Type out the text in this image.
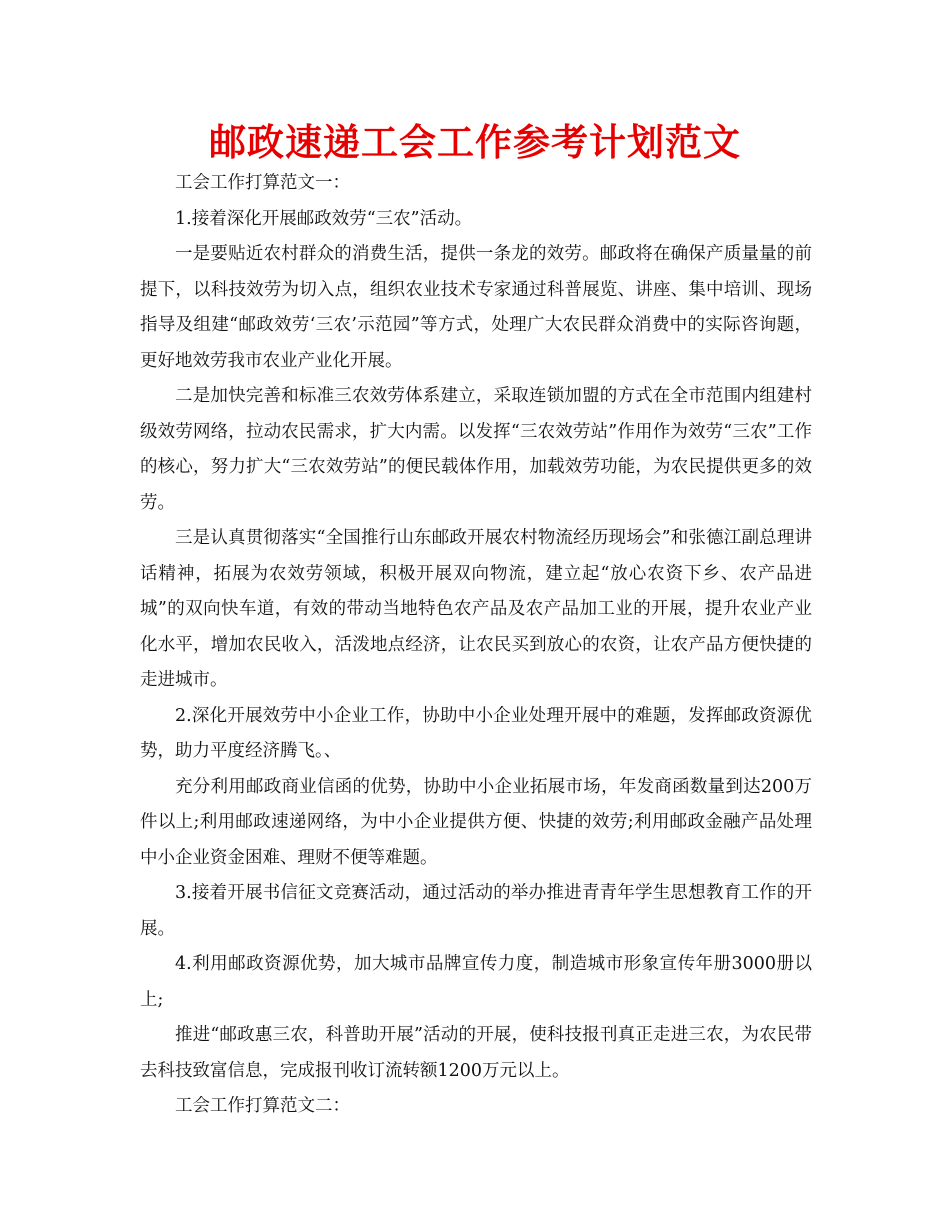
邮政速递工会工作参考计划范文

工会工作打算范文一：

1.接着深化开展邮政效劳“三农”活动。

一是要贴近农村群众的消费生活，提供一条龙的效劳。邮政将在确保产质量量的前提下，以科技效劳为切入点，组织农业技术专家通过科普展览、讲座、集中培训、现场指导及组建“邮政效劳‘三农’示范园”等方式，处理广大农民群众消费中的实际咨询题，更好地效劳我市农业产业化开展。

二是加快完善和标准三农效劳体系建立，采取连锁加盟的方式在全市范围内组建村级效劳网络，拉动农民需求，扩大内需。以发挥“三农效劳站”作用作为效劳“三农”工作的核心，努力扩大“三农效劳站”的便民载体作用，加载效劳功能，为农民提供更多的效劳。

三是认真贯彻落实“全国推行山东邮政开展农村物流经历现场会”和张德江副总理讲话精神，拓展为农效劳领域，积极开展双向物流，建立起“放心农资下乡、农产品进城”的双向快车道，有效的带动当地特色农产品及农产品加工业的开展，提升农业产业化水平，增加农民收入，活泼地点经济，让农民买到放心的农资，让农产品方便快捷的走进城市。

2.深化开展效劳中小企业工作，协助中小企业处理开展中的难题，发挥邮政资源优势，助力平度经济腾飞。、

充分利用邮政商业信函的优势，协助中小企业拓展市场，年发商函数量到达200万件以上;利用邮政速递网络，为中小企业提供方便、快捷的效劳;利用邮政金融产品处理中小企业资金困难、理财不便等难题。

3.接着开展书信征文竞赛活动，通过活动的举办推进青青年学生思想教育工作的开展。

4.利用邮政资源优势，加大城市品牌宣传力度，制造城市形象宣传年册3000册以上;

推进“邮政惠三农，科普助开展”活动的开展，使科技报刊真正走进三农，为农民带去科技致富信息，完成报刊收订流转额1200万元以上。

工会工作打算范文二：
